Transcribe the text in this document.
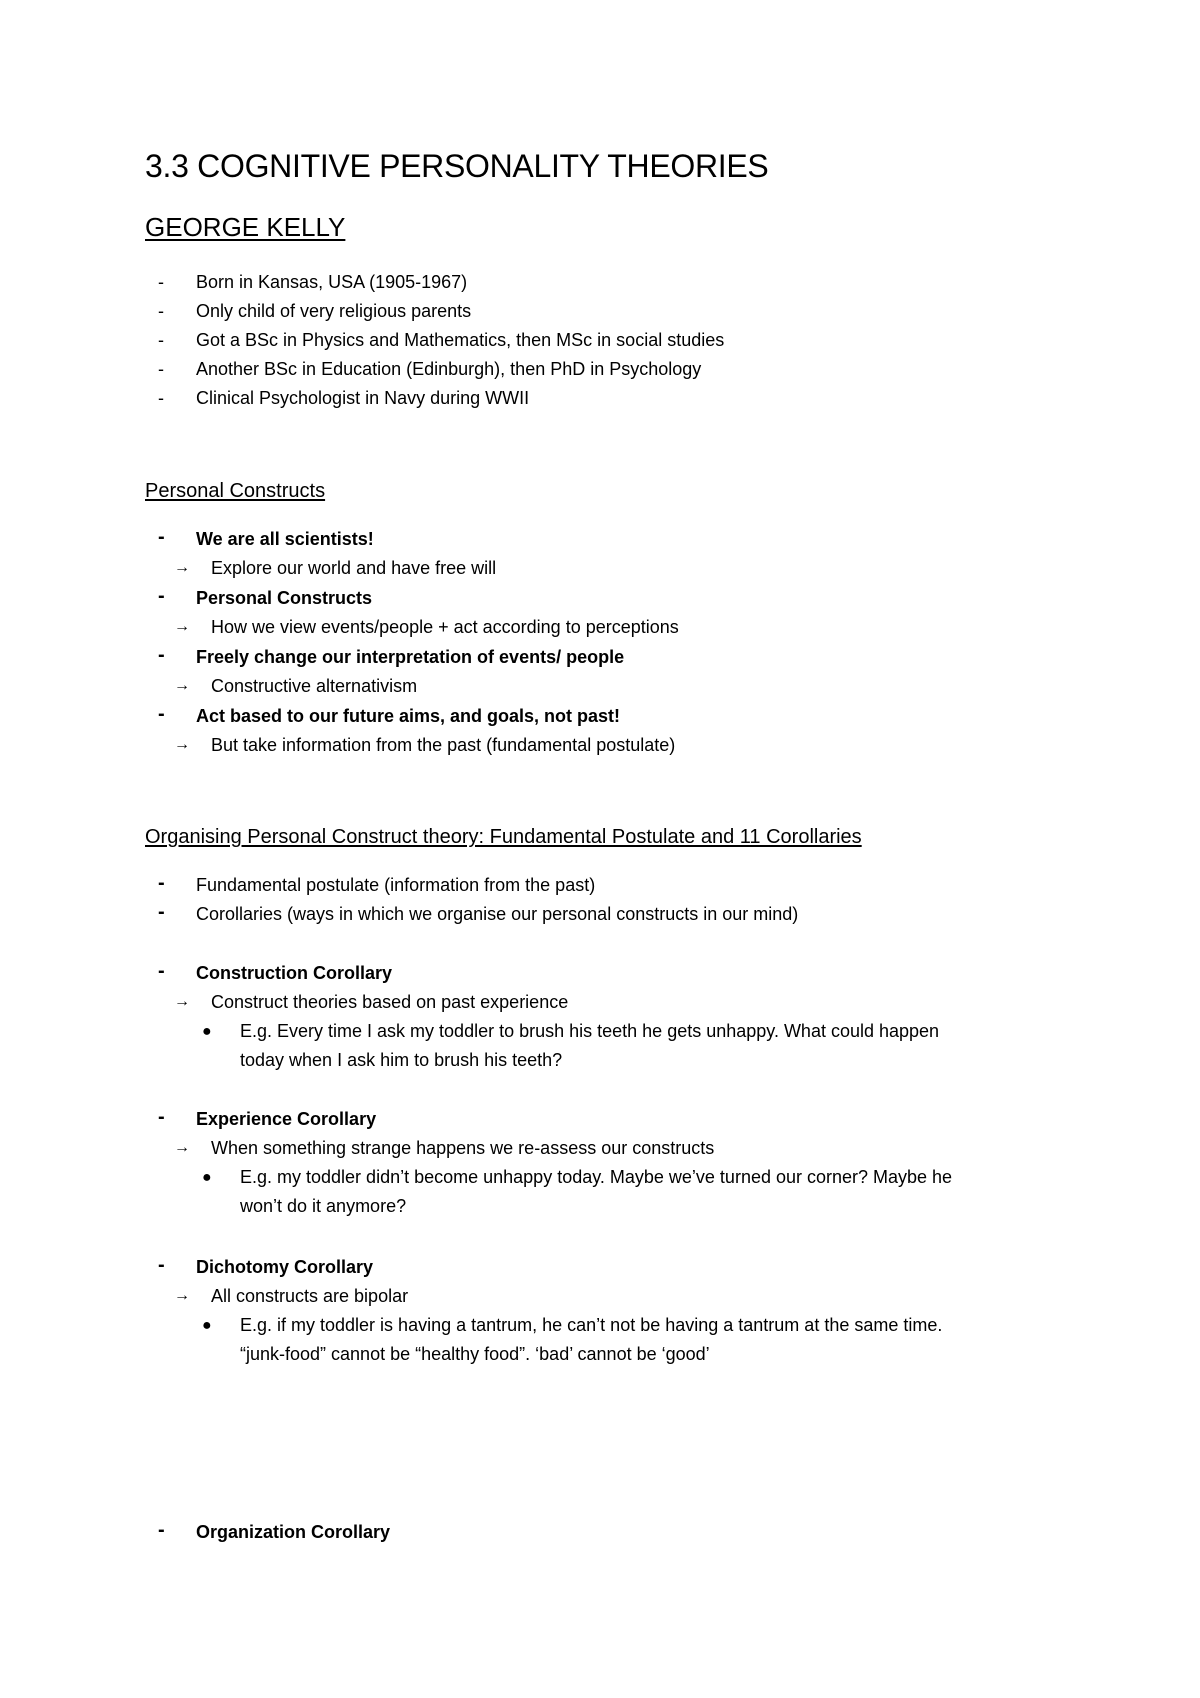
3.3 COGNITIVE PERSONALITY THEORIES
GEORGE KELLY
- Born in Kansas, USA (1905-1967)
- Only child of very religious parents
- Got a BSc in Physics and Mathematics, then MSc in social studies
- Another BSc in Education (Edinburgh), then PhD in Psychology
- Clinical Psychologist in Navy during WWII
Personal Constructs
- We are all scientists!
→ Explore our world and have free will
- Personal Constructs
→ How we view events/people + act according to perceptions
- Freely change our interpretation of events/ people
→ Constructive alternativism
- Act based to our future aims, and goals, not past!
→ But take information from the past (fundamental postulate)
Organising Personal Construct theory: Fundamental Postulate and 11 Corollaries
- Fundamental postulate (information from the past)
- Corollaries (ways in which we organise our personal constructs in our mind)
- Construction Corollary
→ Construct theories based on past experience
● E.g. Every time I ask my toddler to brush his teeth he gets unhappy. What could happen
today when I ask him to brush his teeth?
- Experience Corollary
→ When something strange happens we re-assess our constructs
● E.g. my toddler didn’t become unhappy today. Maybe we’ve turned our corner? Maybe he
won’t do it anymore?
- Dichotomy Corollary
→ All constructs are bipolar
● E.g. if my toddler is having a tantrum, he can’t not be having a tantrum at the same time.
“junk-food” cannot be “healthy food”. ‘bad’ cannot be ‘good’
- Organization Corollary
